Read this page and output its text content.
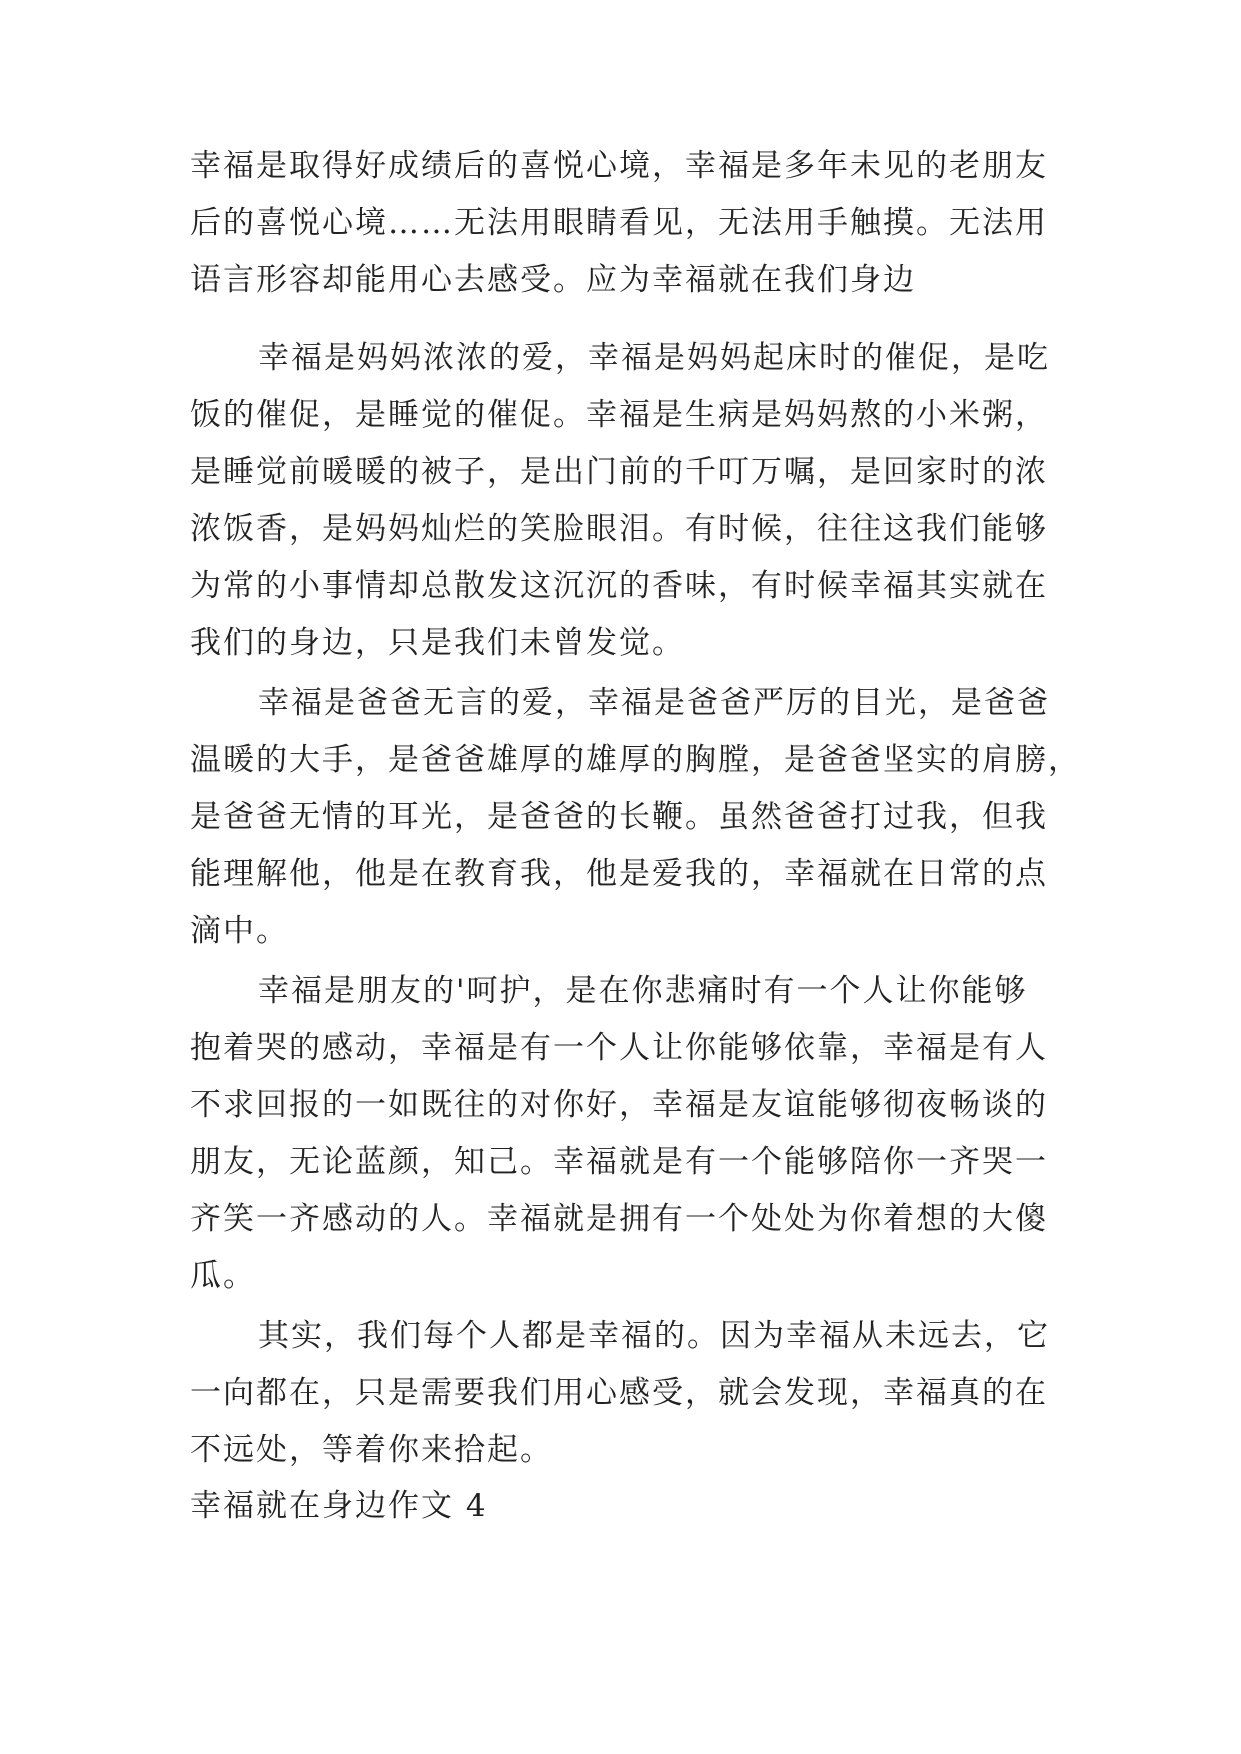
幸福是取得好成绩后的喜悦心境，幸福是多年未见的老朋友
后的喜悦心境……无法用眼睛看见，无法用手触摸。无法用
语言形容却能用心去感受。应为幸福就在我们身边
幸福是妈妈浓浓的爱，幸福是妈妈起床时的催促，是吃
饭的催促，是睡觉的催促。幸福是生病是妈妈熬的小米粥，
是睡觉前暖暖的被子，是出门前的千叮万嘱，是回家时的浓
浓饭香，是妈妈灿烂的笑脸眼泪。有时候，往往这我们能够
为常的小事情却总散发这沉沉的香味，有时候幸福其实就在
我们的身边，只是我们未曾发觉。
幸福是爸爸无言的爱，幸福是爸爸严厉的目光，是爸爸
温暖的大手，是爸爸雄厚的雄厚的胸膛，是爸爸坚实的肩膀，
是爸爸无情的耳光，是爸爸的长鞭。虽然爸爸打过我，但我
能理解他，他是在教育我，他是爱我的，幸福就在日常的点
滴中。
幸福是朋友的'呵护，是在你悲痛时有一个人让你能够
抱着哭的感动，幸福是有一个人让你能够依靠，幸福是有人
不求回报的一如既往的对你好，幸福是友谊能够彻夜畅谈的
朋友，无论蓝颜，知己。幸福就是有一个能够陪你一齐哭一
齐笑一齐感动的人。幸福就是拥有一个处处为你着想的大傻
瓜。
其实，我们每个人都是幸福的。因为幸福从未远去，它
一向都在，只是需要我们用心感受，就会发现，幸福真的在
不远处，等着你来拾起。
幸福就在身边作文 4
